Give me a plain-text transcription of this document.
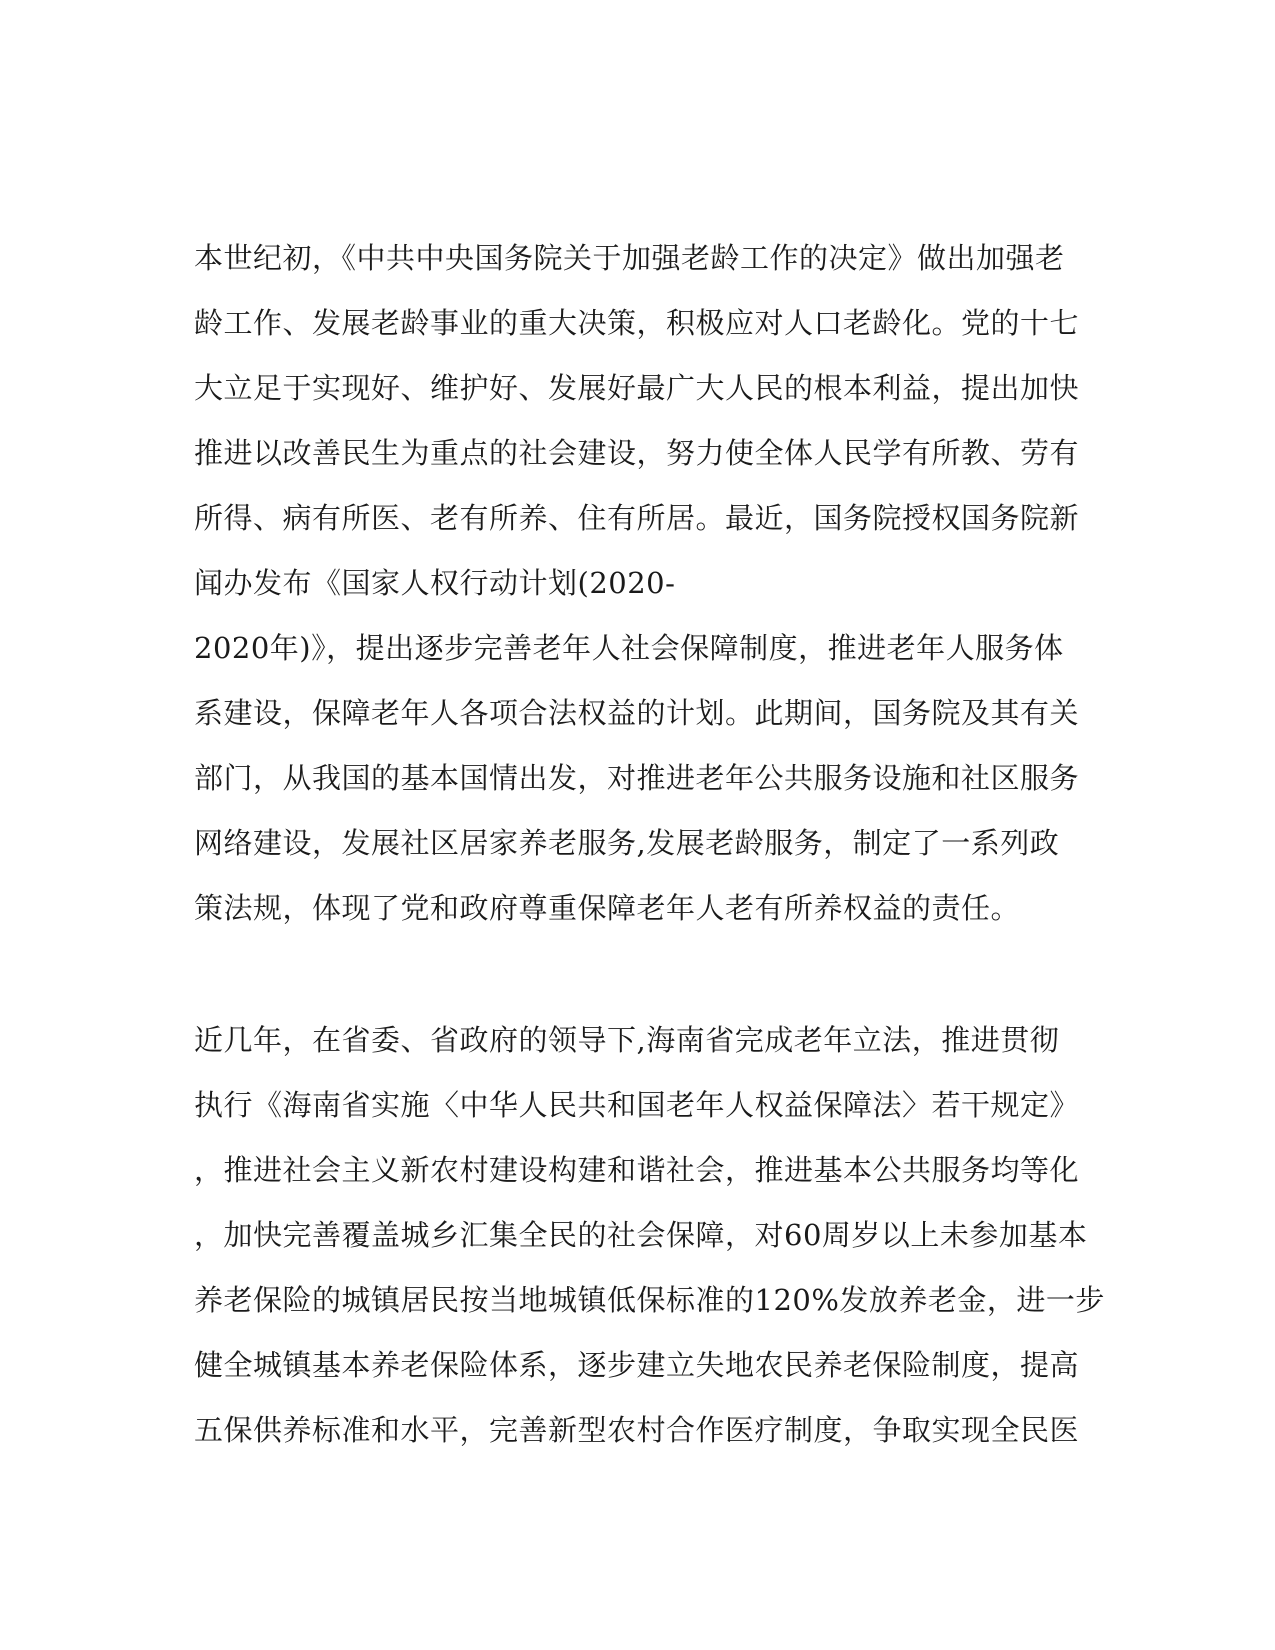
本世纪初，《中共中央国务院关于加强老龄工作的决定》做出加强老
龄工作、发展老龄事业的重大决策，积极应对人口老龄化。党的十七
大立足于实现好、维护好、发展好最广大人民的根本利益，提出加快
推进以改善民生为重点的社会建设，努力使全体人民学有所教、劳有
所得、病有所医、老有所养、住有所居。最近，国务院授权国务院新
闻办发布《国家人权行动计划(2020-
2020年)》，提出逐步完善老年人社会保障制度，推进老年人服务体
系建设，保障老年人各项合法权益的计划。此期间，国务院及其有关
部门，从我国的基本国情出发，对推进老年公共服务设施和社区服务
网络建设，发展社区居家养老服务,发展老龄服务，制定了一系列政
策法规，体现了党和政府尊重保障老年人老有所养权益的责任。
近几年，在省委、省政府的领导下,海南省完成老年立法，推进贯彻
执行《海南省实施〈中华人民共和国老年人权益保障法〉若干规定》
，推进社会主义新农村建设构建和谐社会，推进基本公共服务均等化
，加快完善覆盖城乡汇集全民的社会保障，对60周岁以上未参加基本
养老保险的城镇居民按当地城镇低保标准的120%发放养老金，进一步
健全城镇基本养老保险体系，逐步建立失地农民养老保险制度，提高
五保供养标准和水平，完善新型农村合作医疗制度，争取实现全民医
